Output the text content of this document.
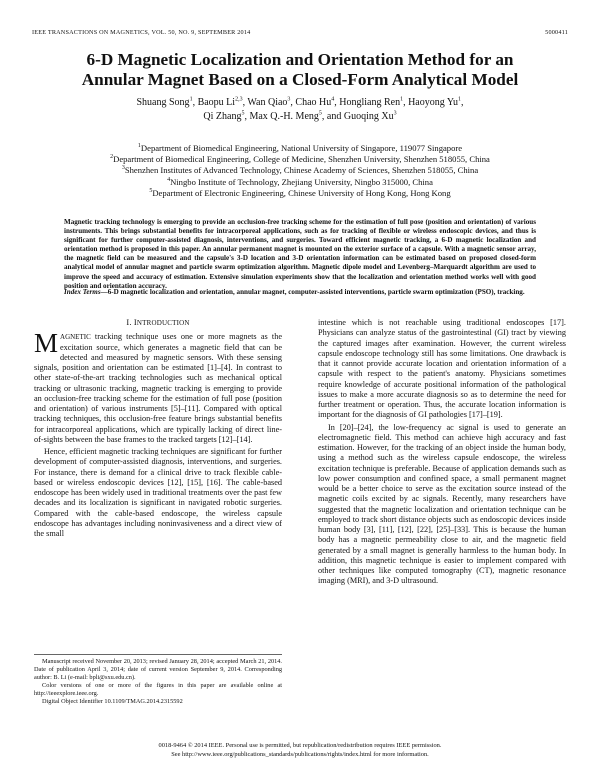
IEEE TRANSACTIONS ON MAGNETICS, VOL. 50, NO. 9, SEPTEMBER 2014	5000411
6-D Magnetic Localization and Orientation Method for an
Annular Magnet Based on a Closed-Form Analytical Model
Shuang Song$^1$, Baopu Li$^{2,3}$, Wan Qiao$^3$, Chao Hu$^4$, Hongliang Ren$^1$, Haoyong Yu$^1$,
Qi Zhang$^5$, Max Q.-H. Meng$^5$, and Guoqing Xu$^3$
$^1$Department of Biomedical Engineering, National University of Singapore, 119077 Singapore
$^2$Department of Biomedical Engineering, College of Medicine, Shenzhen University, Shenzhen 518055, China
$^3$Shenzhen Institutes of Advanced Technology, Chinese Academy of Sciences, Shenzhen 518055, China
$^4$Ningbo Institute of Technology, Zhejiang University, Ningbo 315000, China
$^5$Department of Electronic Engineering, Chinese University of Hong Kong, Hong Kong
Magnetic tracking technology is emerging to provide an occlusion-free tracking scheme for the estimation of full pose (position and orientation) of various instruments. This brings substantial benefits for intracorporeal applications, such as for tracking of flexible or wireless endoscopic devices, and thus is significant for further computer-assisted diagnosis, interventions, and surgeries. Toward efficient magnetic tracking, a 6-D magnetic localization and orientation method is proposed in this paper. An annular permanent magnet is mounted on the exterior surface of a capsule. With a magnetic sensor array, the magnetic field can be measured and the capsule's 3-D location and 3-D orientation information can be estimated based on proposed closed-form analytical model of annular magnet and particle swarm optimization algorithm. Magnetic dipole model and Levenberg–Marquardt algorithm are used to improve the speed and accuracy of estimation. Extensive simulation experiments show that the localization and orientation method works well with good position and orientation accuracy.
Index Terms—6-D magnetic localization and orientation, annular magnet, computer-assisted interventions, particle swarm optimization (PSO), tracking.
I. INTRODUCTION

MAGNETIC tracking technique uses one or more magnets as the excitation source, which generates a magnetic field that can be detected and measured by magnetic sensors. With these sensing signals, position and orientation can be estimated [1]–[4]. In contrast to other state-of-the-art tracking technologies such as mechanical optical tracking or ultrasonic tracking, magnetic tracking is emerging to provide an occlusion-free tracking scheme for the estimation of full pose (position and orientation) of various instruments [5]–[11]. Compared with optical tracking techniques, this occlusion-free feature brings substantial benefits for intracorporeal applications, which are typically lacking of direct line-of-sights between the base frames to the tracked targets [12]–[14].

Hence, efficient magnetic tracking techniques are significant for further development of computer-assisted diagnosis, interventions, and surgeries. For instance, there is demand for a clinical drive to track flexible cable-based or wireless endoscopic devices [12], [15], [16]. The cable-based endoscope has been widely used in traditional treatments over the past few decades and its localization is significant in navigated robotic surgeries. Compared with the cable-based endoscope, the wireless capsule endoscope has advantages including noninvasiveness and a direct view of the small

intestine which is not reachable using traditional endoscopes [17]. Physicians can analyze status of the gastrointestinal (GI) tract by viewing the captured images after examination. However, the current wireless capsule endoscope technology still has some limitations. One drawback is that it cannot provide accurate location and orientation information of a capsule with respect to the patient's anatomy. Physicians sometimes require knowledge of accurate positional information of the pathological issues to make a more accurate diagnosis so as to determine the need for further treatment or operation. Thus, the accurate location information is important for the diagnosis of GI pathologies [17]–[19].

In [20]–[24], the low-frequency ac signal is used to generate an electromagnetic field. This method can achieve high accuracy and fast estimation. However, for the tracking of an object inside the human body, using a method such as the wireless capsule endoscope, the wireless excitation technique is preferable. Because of application demands such as low power consumption and confined space, a small permanent magnet would be a better choice to serve as the excitation source instead of the magnetic coils excited by ac signals. Recently, many researchers have suggested that the magnetic localization and orientation technique can be employed to track short distance objects such as endoscopic devices inside human body [3], [11], [12], [22], [25]–[33]. This is because the human body has a magnetic permeability close to air, and the magnetic field generated by a small magnet is generally harmless to the human body. In addition, this magnetic technique is easier to implement compared with other techniques like computed tomography (CT), magnetic resonance imaging (MRI), and 3-D ultrasound.

Manuscript received November 20, 2013; revised January 28, 2014; accepted March 21, 2014. Date of publication April 3, 2014; date of current version September 9, 2014. Corresponding author: B. Li (e-mail: bpli@sxu.edu.cn).

Color versions of one or more of the figures in this paper are available online at http://ieeexplore.ieee.org.

Digital Object Identifier 10.1109/TMAG.2014.2315592

0018-9464 © 2014 IEEE. Personal use is permitted, but republication/redistribution requires IEEE permission.
See http://www.ieee.org/publications_standards/publications/rights/index.html for more information.
